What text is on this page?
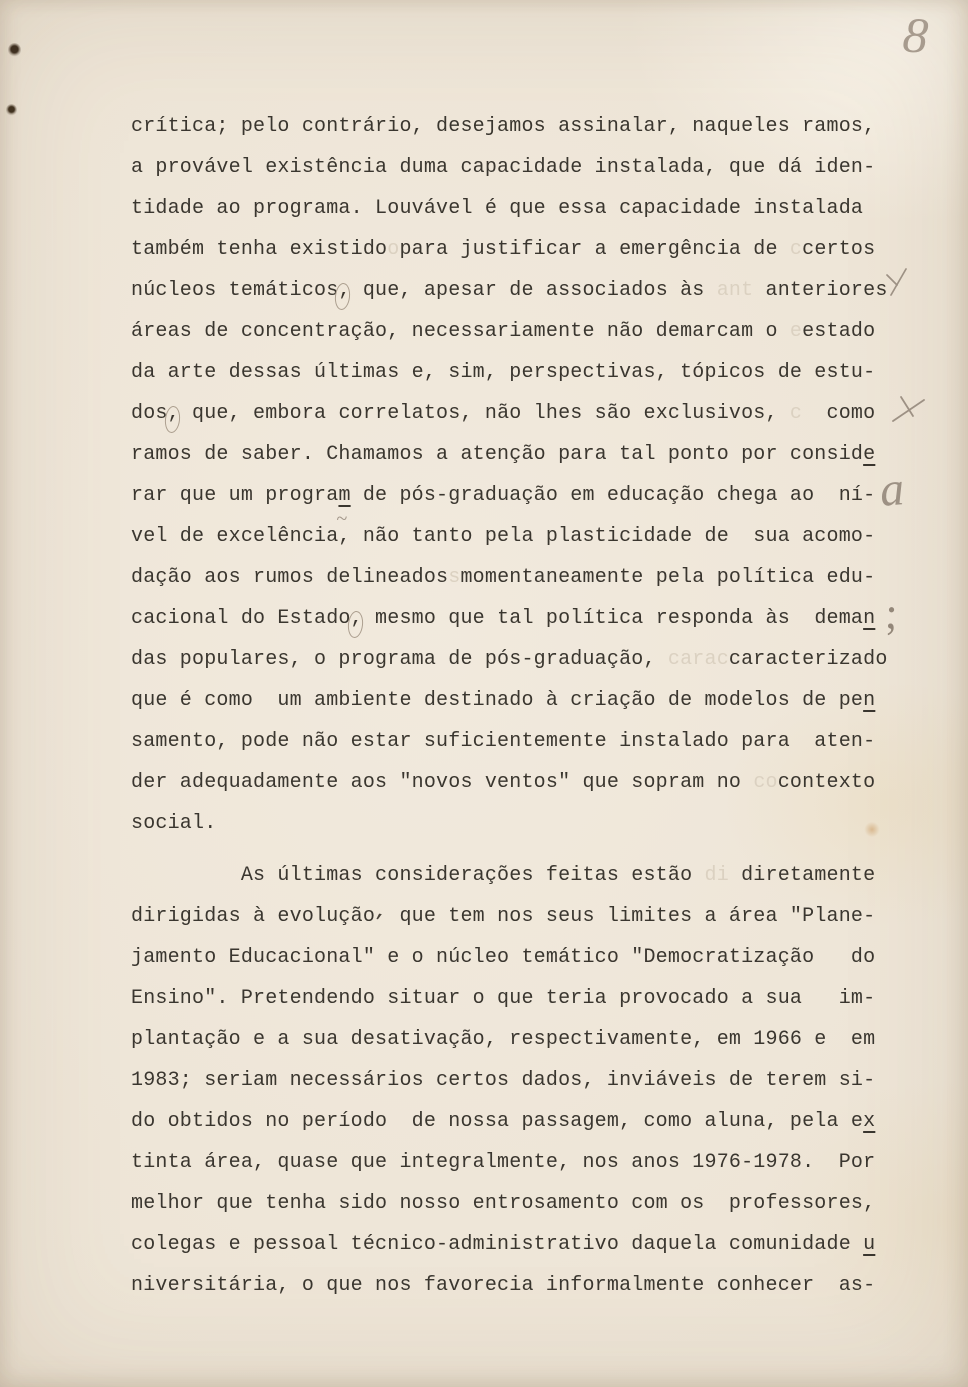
8
crítica; pelo contrário, desejamos assinalar, naqueles ramos,
a provável existência duma capacidade instalada, que dá iden-
tidade ao programa. Louvável é que essa capacidade instalada
também tenha existidoopara justificar a emergência de ccertos
núcleos temáticos, que, apesar de associados às ant anteriores
áreas de concentração, necessariamente não demarcam o eestado
da arte dessas últimas e, sim, perspectivas, tópicos de estu-
dos, que, embora correlatos, não lhes são exclusivos, c  como
ramos de saber. Chamamos a atenção para tal ponto por conside
rar que um program ~ de pós-graduação em educação chega ao  ní-
vel de excelência, não tanto pela plasticidade de  sua acomo-
dação aos rumos delineadossmomentaneamente pela política edu-
cacional do Estado, mesmo que tal política responda às  deman
das populares, o programa de pós-graduação, caraccaracterizado
que é como  um ambiente destinado à criação de modelos de pen
samento, pode não estar suficientemente instalado para  aten-
der adequadamente aos "novos ventos" que sopram no cocontexto
social.
As últimas considerações feitas estão di diretamente
dirigidas à evolução, que tem nos seus limites a área "Plane-
jamento Educacional" e o núcleo temático "Democratização   do
Ensino". Pretendendo situar o que teria provocado a sua   im-
plantação e a sua desativação, respectivamente, em 1966 e  em
1983; seriam necessários certos dados, inviáveis de terem si-
do obtidos no período  de nossa passagem, como aluna, pela ex
tinta área, quase que integralmente, nos anos 1976-1978.  Por
melhor que tenha sido nosso entrosamento com os  professores,
colegas e pessoal técnico-administrativo daquela comunidade u
niversitária, o que nos favorecia informalmente conhecer  as-
a
;
